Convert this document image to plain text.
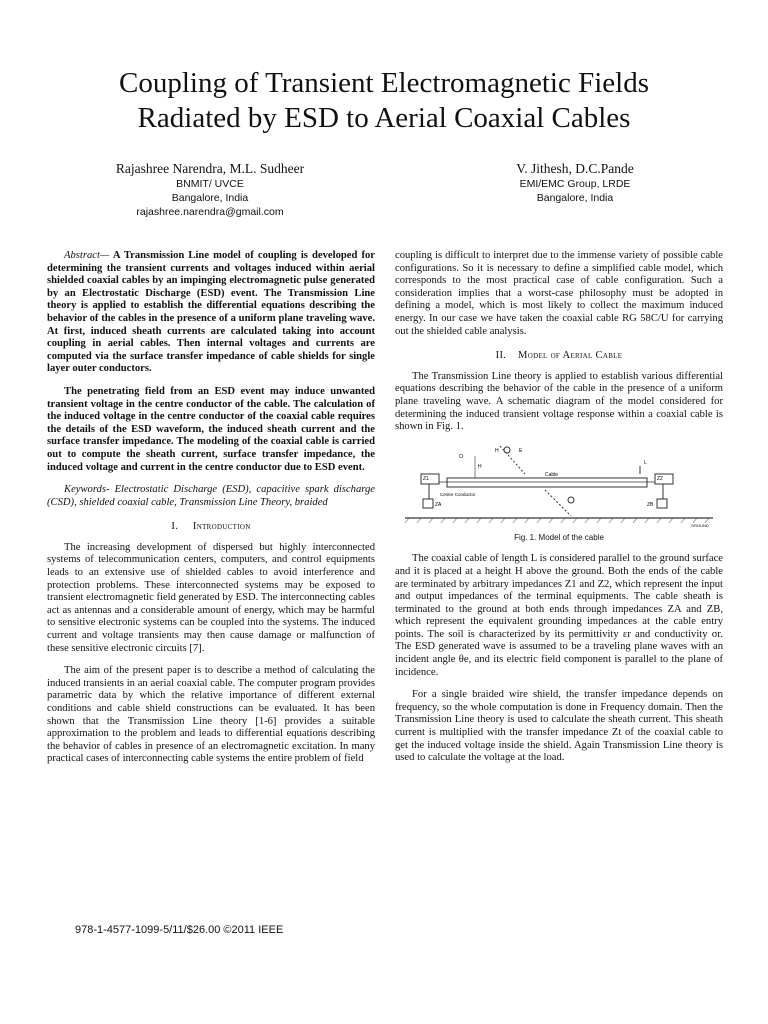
Coupling of Transient Electromagnetic Fields
Radiated by ESD to Aerial Coaxial Cables
Rajashree Narendra, M.L. Sudheer
BNMIT/ UVCE
Bangalore, India
rajashree.narendra@gmail.com
V. Jithesh, D.C.Pande
EMI/EMC Group, LRDE
Bangalore, India

Abstract— A Transmission Line model of coupling is developed for determining the transient currents and voltages induced within aerial shielded coaxial cables by an impinging electromagnetic pulse generated by an Electrostatic Discharge (ESD) event. The Transmission Line theory is applied to establish the differential equations describing the behavior of the cables in the presence of a uniform plane traveling wave. At first, induced sheath currents are calculated taking into account coupling in aerial cables. Then internal voltages and currents are computed via the surface transfer impedance of cable shields for single layer outer conductors.

The penetrating field from an ESD event may induce unwanted transient voltage in the centre conductor of the cable. The calculation of the induced voltage in the centre conductor of the coaxial cable requires the details of the ESD waveform, the induced sheath current and the surface transfer impedance. The modeling of the coaxial cable is carried out to compute the sheath current, surface transfer impedance, the induced voltage and current in the centre conductor due to ESD event.

Keywords- Electrostatic Discharge (ESD), capacitive spark discharge (CSD), shielded coaxial cable, Transmission Line Theory, braided

I. Introduction

The increasing development of dispersed but highly interconnected systems of telecommunication centers, computers, and control equipments leads to an extensive use of shielded cables to avoid interference and protection problems. These interconnected systems may be exposed to transient electromagnetic field generated by ESD. The interconnecting cables act as antennas and a considerable amount of energy, which may be harmful to sensitive electronic systems can be coupled into the systems. The induced current and voltage transients may then cause damage or malfunction of these sensitive electronic circuits [7].

The aim of the present paper is to describe a method of calculating the induced transients in an aerial coaxial cable. The computer program provides parametric data by which the relative importance of different external conditions and cable shield constructions can be evaluated. It has been shown that the Transmission Line theory [1-6] provides a suitable approximation to the problem and leads to differential equations describing the behavior of cables in presence of an electromagnetic excitation. In many practical cases of interconnecting cable systems the entire problem of field

coupling is difficult to interpret due to the immense variety of possible cable configurations. So it is necessary to define a simplified cable model, which corresponds to the most practical case of cable configuration. Such a consideration implies that a worst-case philosophy must be adopted in defining a model, which is most likely to collect the maximum induced energy. In our case we have taken the coaxial cable RG 58C/U for carrying out the shielded cable analysis.

II. Model of Aerial Cable

The Transmission Line theory is applied to establish various differential equations describing the behavior of the cable in the presence of a uniform plane traveling wave. A schematic diagram of the model considered for determining the induced transient voltage response within a coaxial cable is shown in Fig. 1.

Cable
Centre Conductor
Z1	Z2
ZA	ZB
L
H
H	E
O
GROUND
Fig. 1. Model of the cable

The coaxial cable of length L is considered parallel to the ground surface and it is placed at a height H above the ground. Both the ends of the cable are terminated by arbitrary impedances Z1 and Z2, which represent the input and output impedances of the terminal equipments. The cable sheath is terminated to the ground at both ends through impedances ZA and ZB, which represent the equivalent grounding impedances at the cable entry points. The soil is characterized by its permittivity εr and conductivity σr. The ESD generated wave is assumed to be a traveling plane waves with an incident angle θe, and its electric field component is parallel to the plane of incidence.

For a single braided wire shield, the transfer impedance depends on frequency, so the whole computation is done in Frequency domain. Then the Transmission Line theory is used to calculate the sheath current. This sheath current is multiplied with the transfer impedance Zt of the coaxial cable to get the induced voltage inside the shield. Again Transmission Line theory is used to calculate the voltage at the load.

978-1-4577-1099-5/11/$26.00 ©2011 IEEE
